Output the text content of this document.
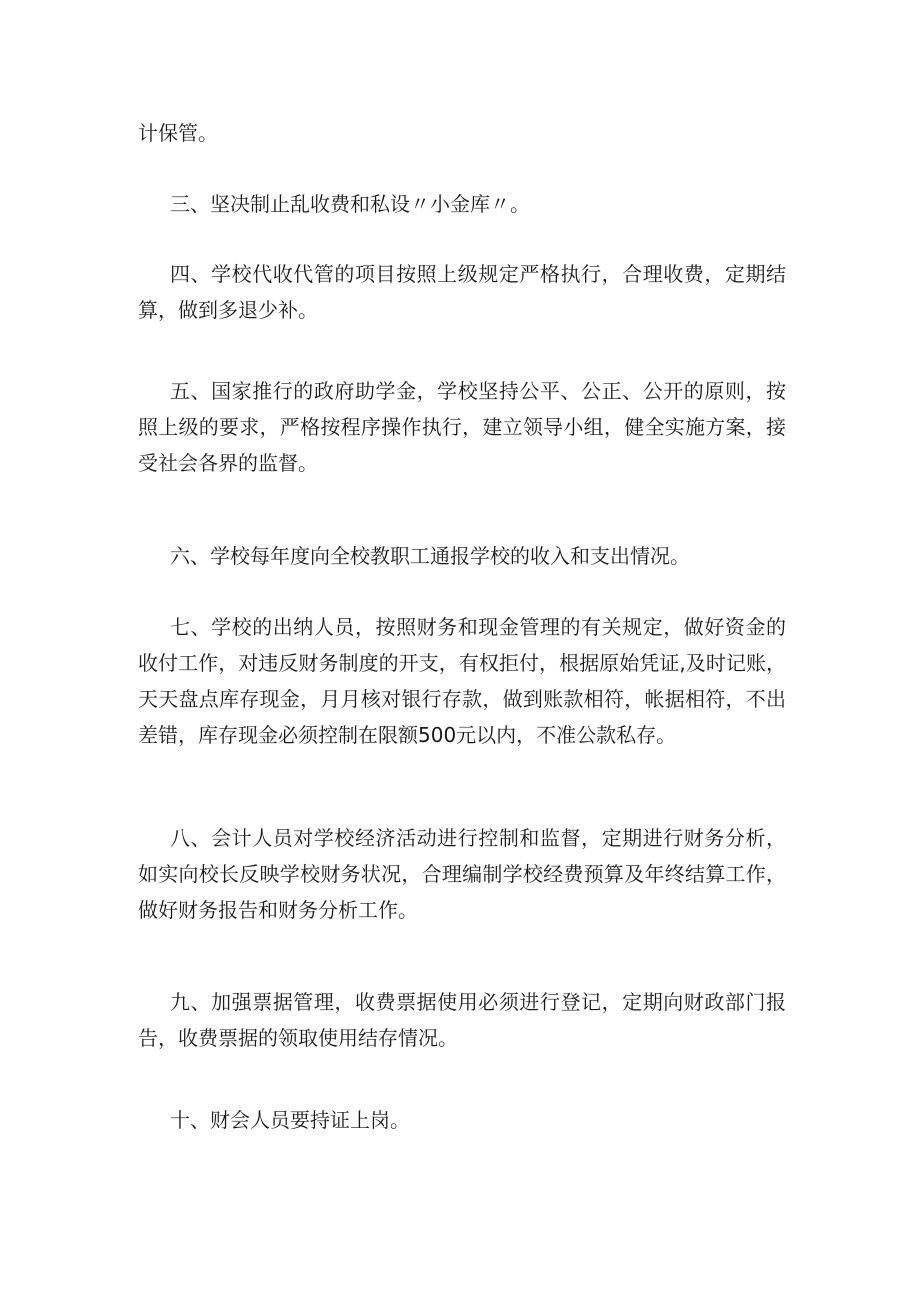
计保管。

三、坚决制止乱收费和私设〃小金库〃。

四、学校代收代管的项目按照上级规定严格执行，合理收费，定期结算，做到多退少补。

五、国家推行的政府助学金，学校坚持公平、公正、公开的原则，按照上级的要求，严格按程序操作执行，建立领导小组，健全实施方案，接受社会各界的监督。

六、学校每年度向全校教职工通报学校的收入和支出情况。

七、学校的出纳人员，按照财务和现金管理的有关规定，做好资金的收付工作，对违反财务制度的开支，有权拒付，根据原始凭证,及时记账，天天盘点库存现金，月月核对银行存款，做到账款相符，帐据相符，不出差错，库存现金必须控制在限额500元以内，不准公款私存。

八、会计人员对学校经济活动进行控制和监督，定期进行财务分析，如实向校长反映学校财务状况，合理编制学校经费预算及年终结算工作，做好财务报告和财务分析工作。

九、加强票据管理，收费票据使用必须进行登记，定期向财政部门报告，收费票据的领取使用结存情况。

十、财会人员要持证上岗。
